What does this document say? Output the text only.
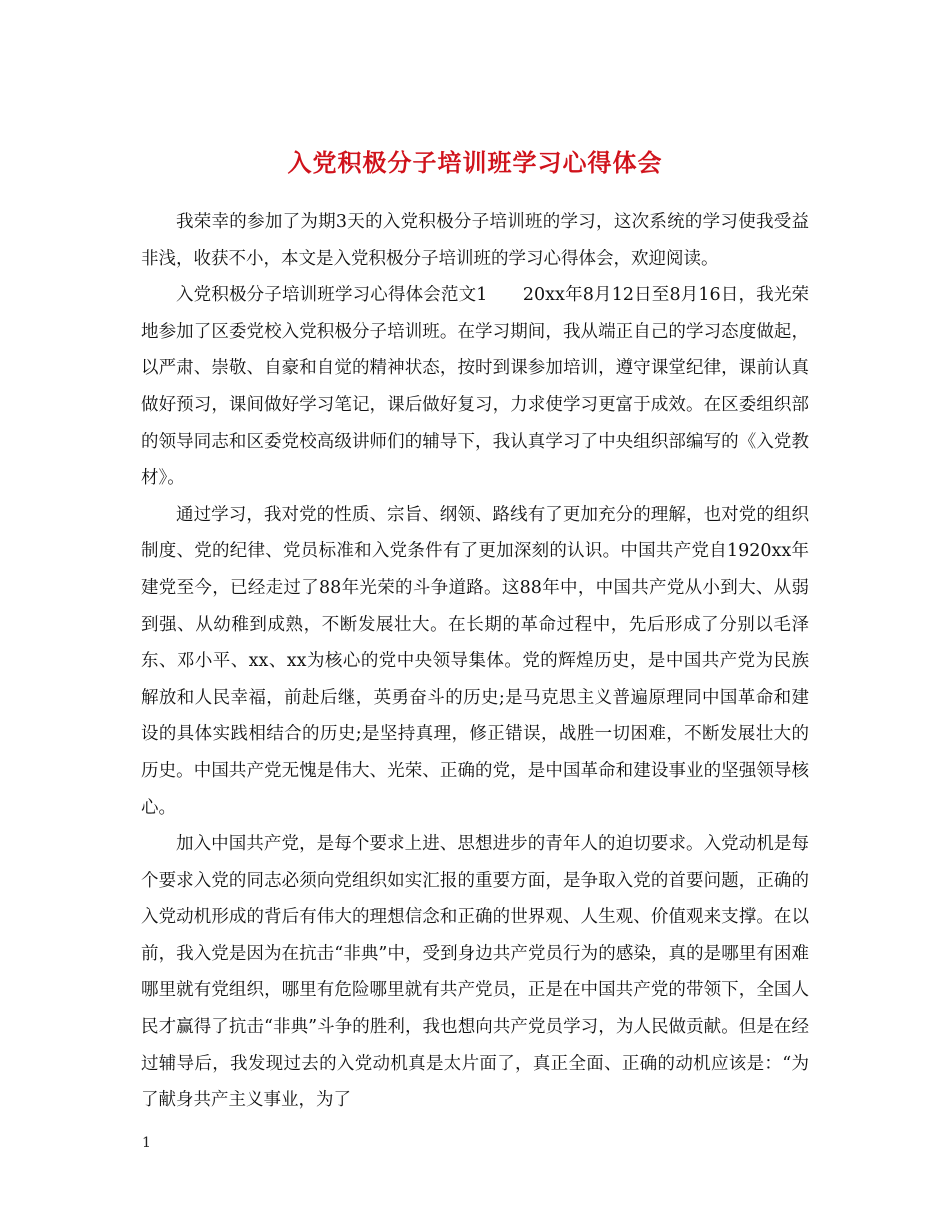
入党积极分子培训班学习心得体会

我荣幸的参加了为期3天的入党积极分子培训班的学习，这次系统的学习使我受益非浅，收获不小，本文是入党积极分子培训班的学习心得体会，欢迎阅读。

入党积极分子培训班学习心得体会范文1　　20xx年8月12日至8月16日，我光荣地参加了区委党校入党积极分子培训班。在学习期间，我从端正自己的学习态度做起，以严肃、崇敬、自豪和自觉的精神状态，按时到课参加培训，遵守课堂纪律，课前认真做好预习，课间做好学习笔记，课后做好复习，力求使学习更富于成效。在区委组织部的领导同志和区委党校高级讲师们的辅导下，我认真学习了中央组织部编写的《入党教材》。

通过学习，我对党的性质、宗旨、纲领、路线有了更加充分的理解，也对党的组织制度、党的纪律、党员标准和入党条件有了更加深刻的认识。中国共产党自1920xx年建党至今，已经走过了88年光荣的斗争道路。这88年中，中国共产党从小到大、从弱到强、从幼稚到成熟，不断发展壮大。在长期的革命过程中，先后形成了分别以毛泽东、邓小平、xx、xx为核心的党中央领导集体。党的辉煌历史，是中国共产党为民族解放和人民幸福，前赴后继，英勇奋斗的历史;是马克思主义普遍原理同中国革命和建设的具体实践相结合的历史;是坚持真理，修正错误，战胜一切困难，不断发展壮大的历史。中国共产党无愧是伟大、光荣、正确的党，是中国革命和建设事业的坚强领导核心。

加入中国共产党，是每个要求上进、思想进步的青年人的迫切要求。入党动机是每个要求入党的同志必须向党组织如实汇报的重要方面，是争取入党的首要问题，正确的入党动机形成的背后有伟大的理想信念和正确的世界观、人生观、价值观来支撑。在以前，我入党是因为在抗击“非典”中，受到身边共产党员行为的感染，真的是哪里有困难哪里就有党组织，哪里有危险哪里就有共产党员，正是在中国共产党的带领下，全国人民才赢得了抗击“非典”斗争的胜利，我也想向共产党员学习，为人民做贡献。但是在经过辅导后，我发现过去的入党动机真是太片面了，真正全面、正确的动机应该是：“为了献身共产主义事业，为了

1
